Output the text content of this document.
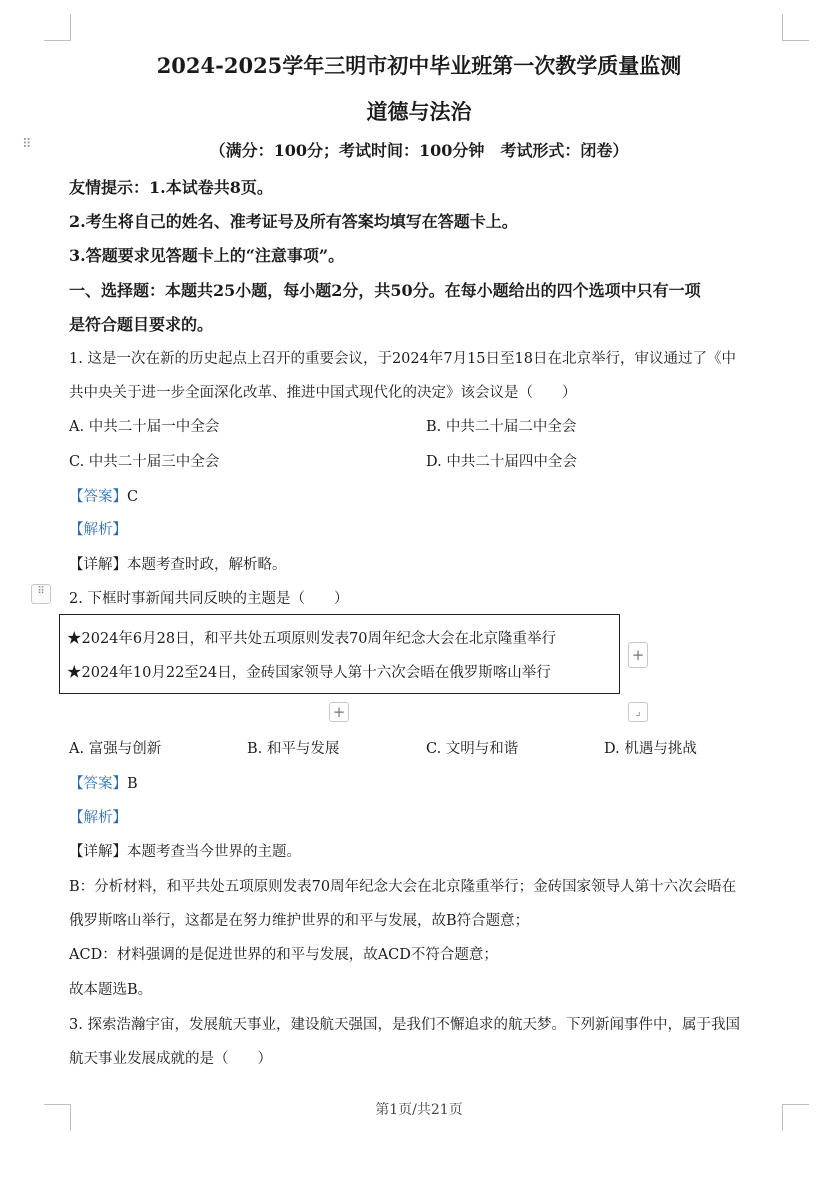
2024-2025学年三明市初中毕业班第一次教学质量监测
道德与法治
⠿	（满分：100分；考试时间：100分钟　考试形式：闭卷）
友情提示：1.本试卷共8页。
2.考生将自己的姓名、准考证号及所有答案均填写在答题卡上。
3.答题要求见答题卡上的“注意事项”。
一、选择题：本题共25小题，每小题2分，共50分。在每小题给出的四个选项中只有一项
是符合题目要求的。
1. 这是一次在新的历史起点上召开的重要会议，于2024年7月15日至18日在北京举行，审议通过了《中
共中央关于进一步全面深化改革、推进中国式现代化的决定》该会议是（　　）
A. 中共二十届一中全会	B. 中共二十届二中全会
C. 中共二十届三中全会	D. 中共二十届四中全会
【答案】C
【解析】
【详解】本题考查时政，解析略。
⠿	2. 下框时事新闻共同反映的主题是（　　）
★2024年6月28日，和平共处五项原则发表70周年纪念大会在北京隆重举行
★2024年10月22至24日，金砖国家领导人第十六次会晤在俄罗斯喀山举行
+
+	⌟
A. 富强与创新	B. 和平与发展	C. 文明与和谐	D. 机遇与挑战
【答案】B
【解析】
【详解】本题考查当今世界的主题。
B：分析材料，和平共处五项原则发表70周年纪念大会在北京隆重举行；金砖国家领导人第十六次会晤在
俄罗斯喀山举行，这都是在努力维护世界的和平与发展，故B符合题意；
ACD：材料强调的是促进世界的和平与发展，故ACD不符合题意；
故本题选B。
3. 探索浩瀚宇宙，发展航天事业，建设航天强国，是我们不懈追求的航天梦。下列新闻事件中，属于我国
航天事业发展成就的是（　　）
第1页/共21页
